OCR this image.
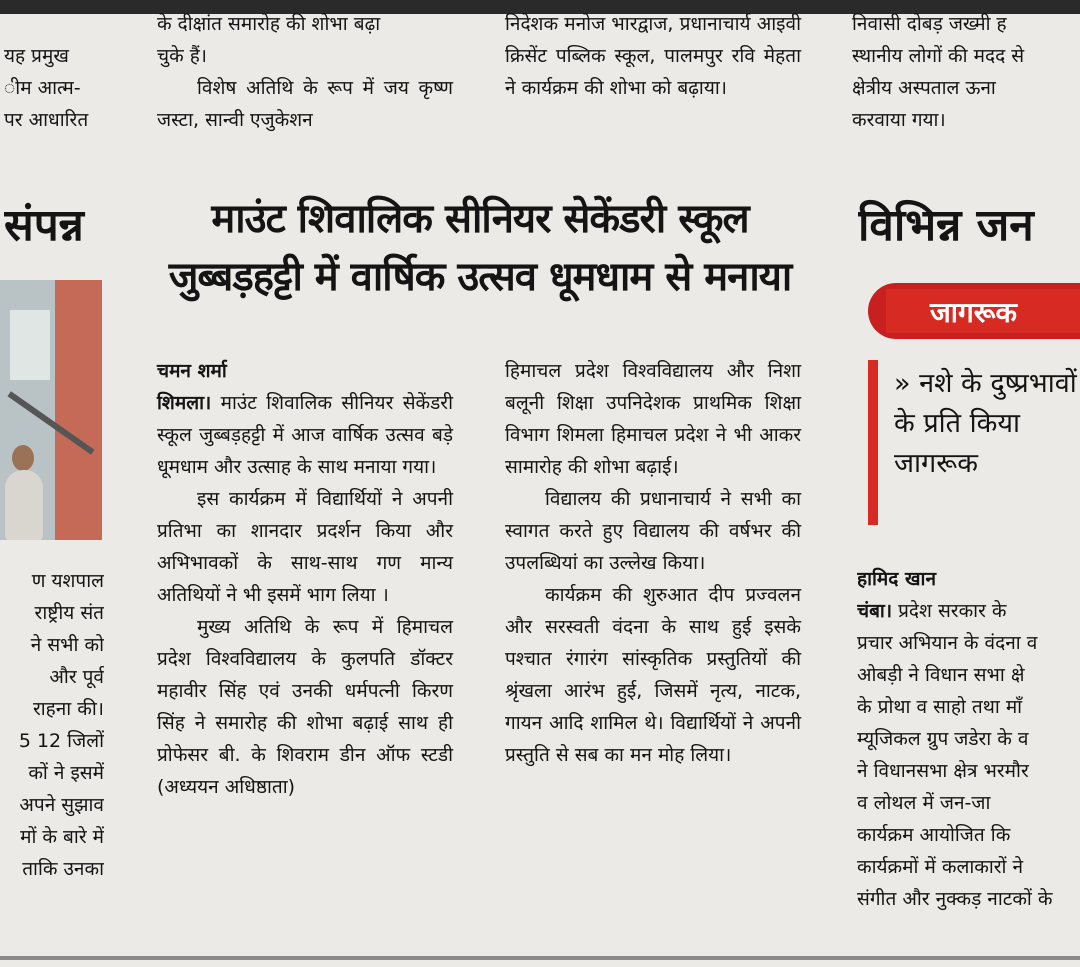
यह प्रमुख
ीम आत्म-
पर आधारित
के दीक्षांत समारोह की शोभा बढ़ा
चुके हैं।

विशेष अतिथि के रूप में जय कृष्ण जस्टा, सान्वी एजुकेशन

निदेशक मनोज भारद्वाज, प्रधानाचार्य आइवी क्रिसेंट पब्लिक स्कूल, पालमपुर रवि मेहता ने कार्यक्रम की शोभा को बढ़ाया।

निवासी दोबड़ जख्मी ह
स्थानीय लोगों की मदद से
क्षेत्रीय अस्पताल ऊना
करवाया गया।
संपन्न
ण यशपाल
राष्ट्रीय संत
ने सभी को
और पूर्व
राहना की।
5 12 जिलों
कों ने इसमें
अपने सुझाव
मों के बारे में
ताकि उनका
माउंट शिवालिक सीनियर सेकेंडरी स्कूल
जुब्बड़हट्टी में वार्षिक उत्सव धूमधाम से मनाया
चमन शर्मा

शिमला। माउंट शिवालिक सीनियर सेकेंडरी स्कूल जुब्बड़हट्टी में आज वार्षिक उत्सव बड़े धूमधाम और उत्साह के साथ मनाया गया।

इस कार्यक्रम में विद्यार्थियों ने अपनी प्रतिभा का शानदार प्रदर्शन किया और अभिभावकों के साथ-साथ गण मान्य अतिथियों ने भी इसमें भाग लिया ।

मुख्य अतिथि के रूप में हिमाचल प्रदेश विश्वविद्यालय के कुलपति डॉक्टर महावीर सिंह एवं उनकी धर्मपत्नी किरण सिंह ने समारोह की शोभा बढ़ाई साथ ही प्रोफेसर बी. के शिवराम डीन ऑफ स्टडी (अध्ययन अधिष्ठाता)

हिमाचल प्रदेश विश्वविद्यालय और निशा बलूनी शिक्षा उपनिदेशक प्राथमिक शिक्षा विभाग शिमला हिमाचल प्रदेश ने भी आकर सामारोह की शोभा बढ़ाई।

विद्यालय की प्रधानाचार्य ने सभी का स्वागत करते हुए विद्यालय की वर्षभर की उपलब्धियां का उल्लेख किया।

कार्यक्रम की शुरुआत दीप प्रज्वलन और सरस्वती वंदना के साथ हुई इसके पश्चात रंगारंग सांस्कृतिक प्रस्तुतियों की श्रृंखला आरंभ हुई, जिसमें नृत्य, नाटक, गायन आदि शामिल थे। विद्यार्थियों ने अपनी प्रस्तुति से सब का मन मोह लिया।

विभिन्न जन
जागरूक
» नशे के दुष्प्रभावों के प्रति किया जागरूक
हामिद खान
चंबा। प्रदेश सरकार के
प्रचार अभियान के वंदना व
ओबड़ी ने विधान सभा क्षे
के प्रोथा व साहो तथा माँ
म्यूजिकल ग्रुप जडेरा के व
ने विधानसभा क्षेत्र भरमौर
व लोथल में जन-जा
कार्यक्रम आयोजित कि
कार्यक्रमों में कलाकारों ने
संगीत और नुक्कड़ नाटकों के
